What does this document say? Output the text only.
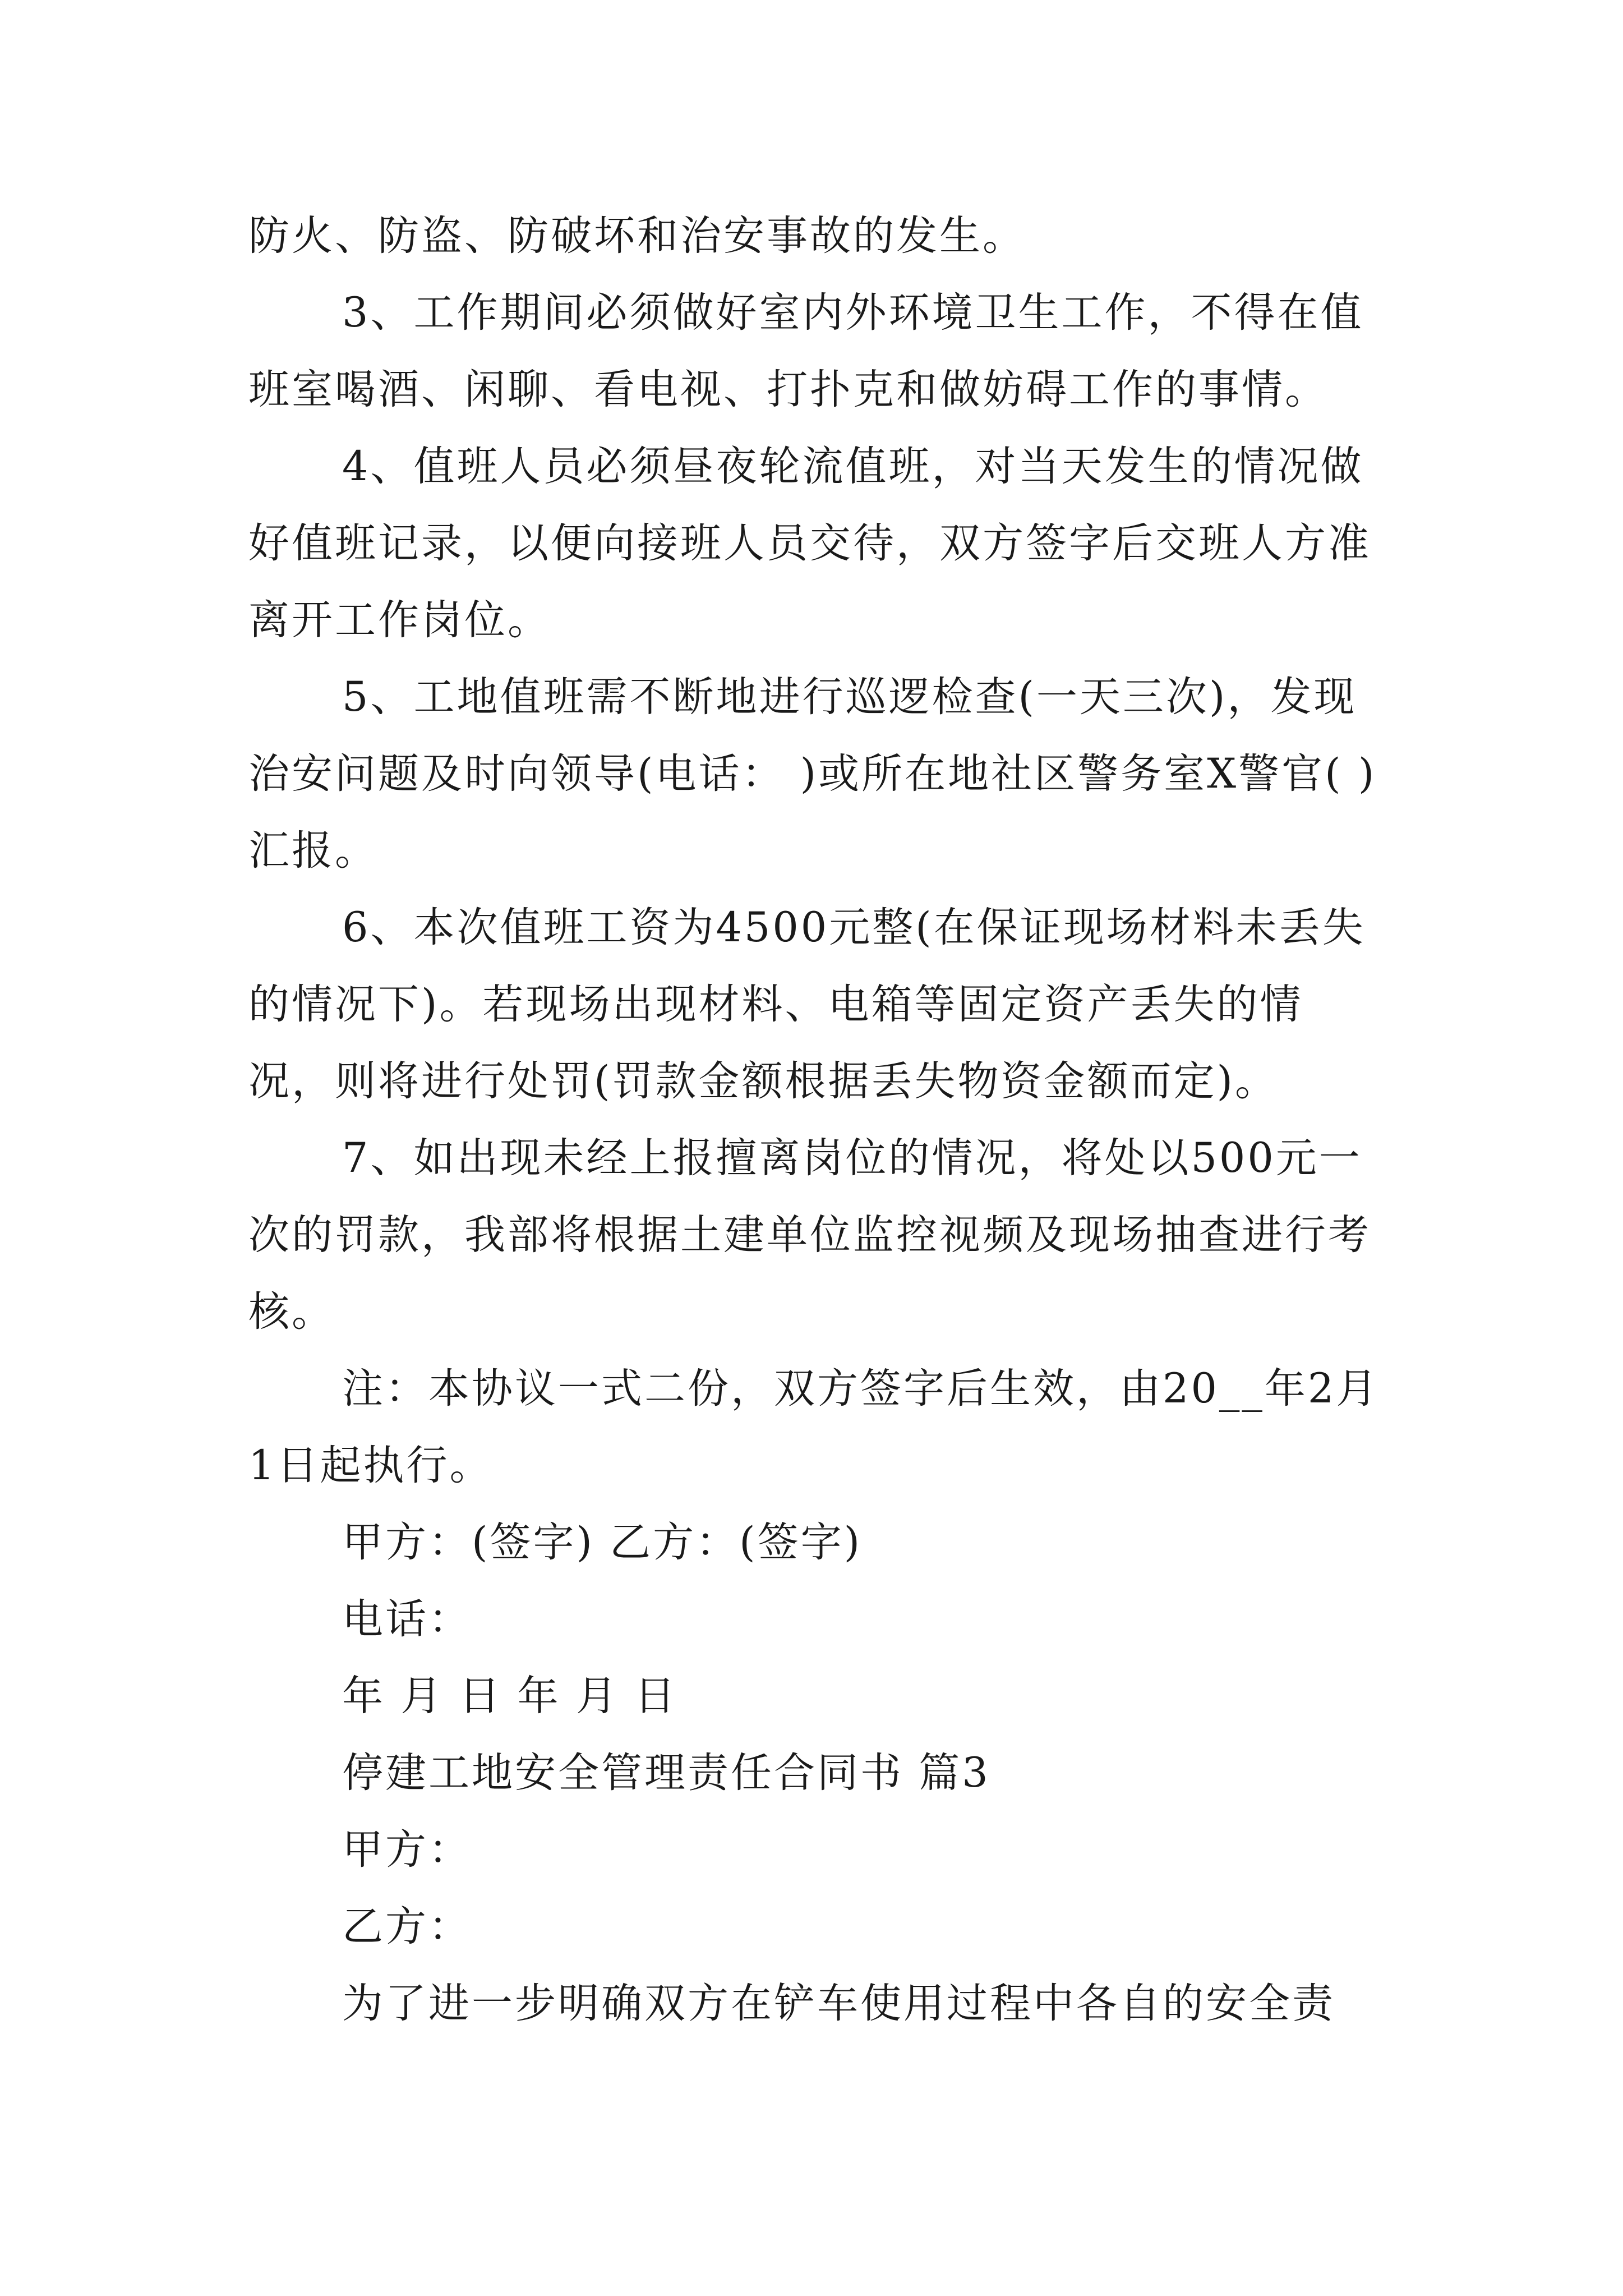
防火、防盗、防破坏和治安事故的发生。

3、工作期间必须做好室内外环境卫生工作，不得在值班室喝酒、闲聊、看电视、打扑克和做妨碍工作的事情。

4、值班人员必须昼夜轮流值班，对当天发生的情况做好值班记录，以便向接班人员交待，双方签字后交班人方准离开工作岗位。

5、工地值班需不断地进行巡逻检查(一天三次)，发现治安问题及时向领导(电话： )或所在地社区警务室X警官( )汇报。

6、本次值班工资为4500元整(在保证现场材料未丢失的情况下)。若现场出现材料、电箱等固定资产丢失的情况，则将进行处罚(罚款金额根据丢失物资金额而定)。

7、如出现未经上报擅离岗位的情况，将处以500元一次的罚款，我部将根据土建单位监控视频及现场抽查进行考核。

注：本协议一式二份，双方签字后生效，由20__年2月1日起执行。

甲方：(签字) 乙方：(签字)

电话：

年 月 日 年 月 日

停建工地安全管理责任合同书 篇3

甲方：

乙方：

为了进一步明确双方在铲车使用过程中各自的安全责
